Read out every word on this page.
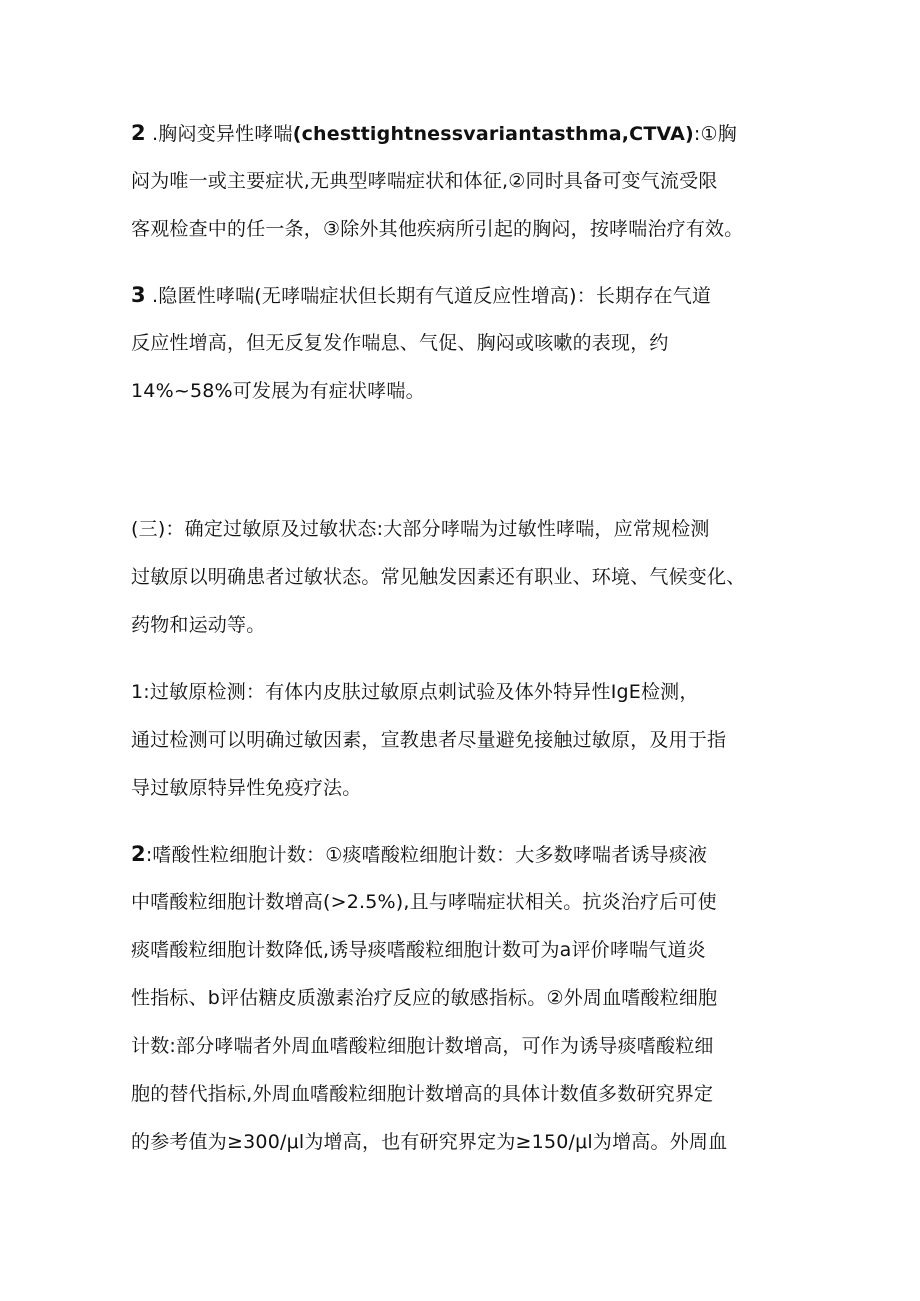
2 .胸闷变异性哮喘(chesttightnessvariantasthma,CTVA):①胸
闷为唯一或主要症状,无典型哮喘症状和体征,②同时具备可变气流受限
客观检查中的任一条，③除外其他疾病所引起的胸闷，按哮喘治疗有效。
3 .隐匿性哮喘(无哮喘症状但长期有气道反应性增高)：长期存在气道
反应性增高，但无反复发作喘息、气促、胸闷或咳嗽的表现，约
14%~58%可发展为有症状哮喘。
(三)：确定过敏原及过敏状态:大部分哮喘为过敏性哮喘，应常规检测
过敏原以明确患者过敏状态。常见触发因素还有职业、环境、气候变化、
药物和运动等。
1:过敏原检测：有体内皮肤过敏原点刺试验及体外特异性IgE检测，
通过检测可以明确过敏因素，宣教患者尽量避免接触过敏原，及用于指
导过敏原特异性免疫疗法。
2:嗜酸性粒细胞计数：①痰嗜酸粒细胞计数：大多数哮喘者诱导痰液
中嗜酸粒细胞计数增高(>2.5%),且与哮喘症状相关。抗炎治疗后可使
痰嗜酸粒细胞计数降低,诱导痰嗜酸粒细胞计数可为a评价哮喘气道炎
性指标、b评估糖皮质激素治疗反应的敏感指标。②外周血嗜酸粒细胞
计数:部分哮喘者外周血嗜酸粒细胞计数增高，可作为诱导痰嗜酸粒细
胞的替代指标,外周血嗜酸粒细胞计数增高的具体计数值多数研究界定
的参考值为≥300/μl为增高，也有研究界定为≥150/μl为增高。外周血
